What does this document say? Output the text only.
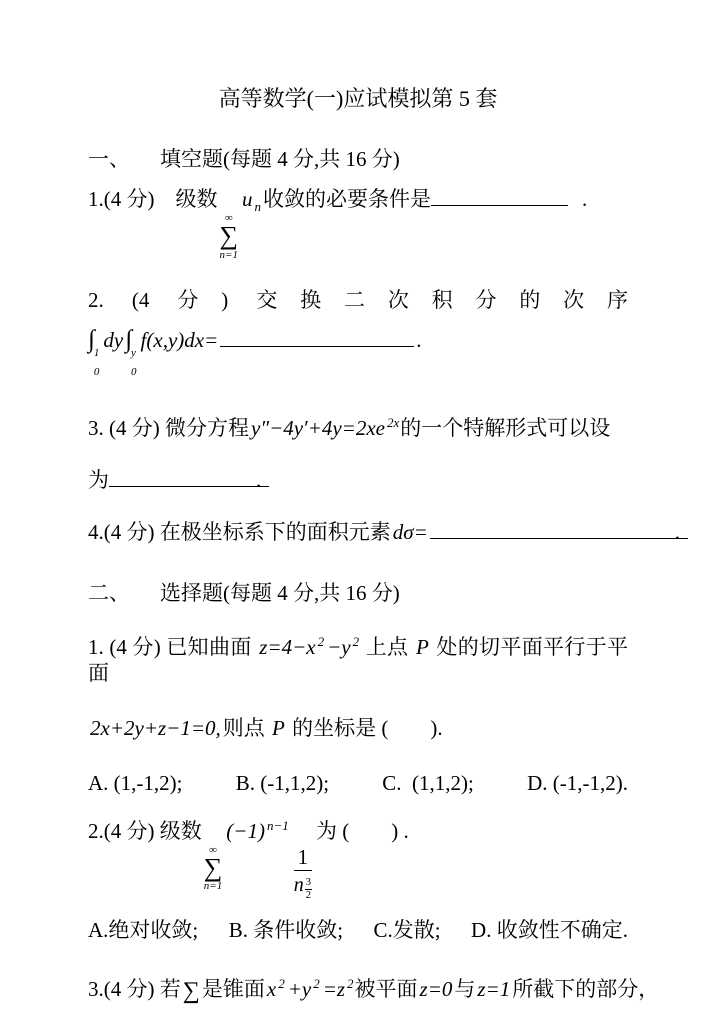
高等数学(一)应试模拟第 5 套
一、 填空题(每题 4 分,共 16 分)
1.(4 分)　级数
∞
∑
n=1
u $_n$收敛的必要条件是	.
2. (4 分) 交换二次积分的次序
∫ 1
0
dy∫ y
0
f(x,y)dx=	.
3. (4 分) 微分方程y″−4y′+4y=2xe $^{2x}$的一个特解形式可以设
为	.
4.(4 分) 在极坐标系下的面积元素dσ=	.
二、 选择题(每题 4 分,共 16 分)
1. (4 分) 已知曲面 z=4−x $^2$ −y $^2$ 上点 P 处的切平面平行于平面
2x+2y+z−1=0,则点 P 的坐标是 (　　).
A. (1,-1,2);	B. (-1,1,2);	C. (1,1,2);	D. (-1,-1,2).
2.(4 分) 级数
∞
∑
n=1
(−1) $^{n-1}$
$\frac{1}{n \frac{3}{2}}$
为 (　　) .
A.绝对收敛; B. 条件收敛; C.发散; D. 收敛性不确定.
3.(4 分) 若∑是锥面x $^2$ +y $^2$ =z $^2$被平面z=0与z=1所截下的部分，
